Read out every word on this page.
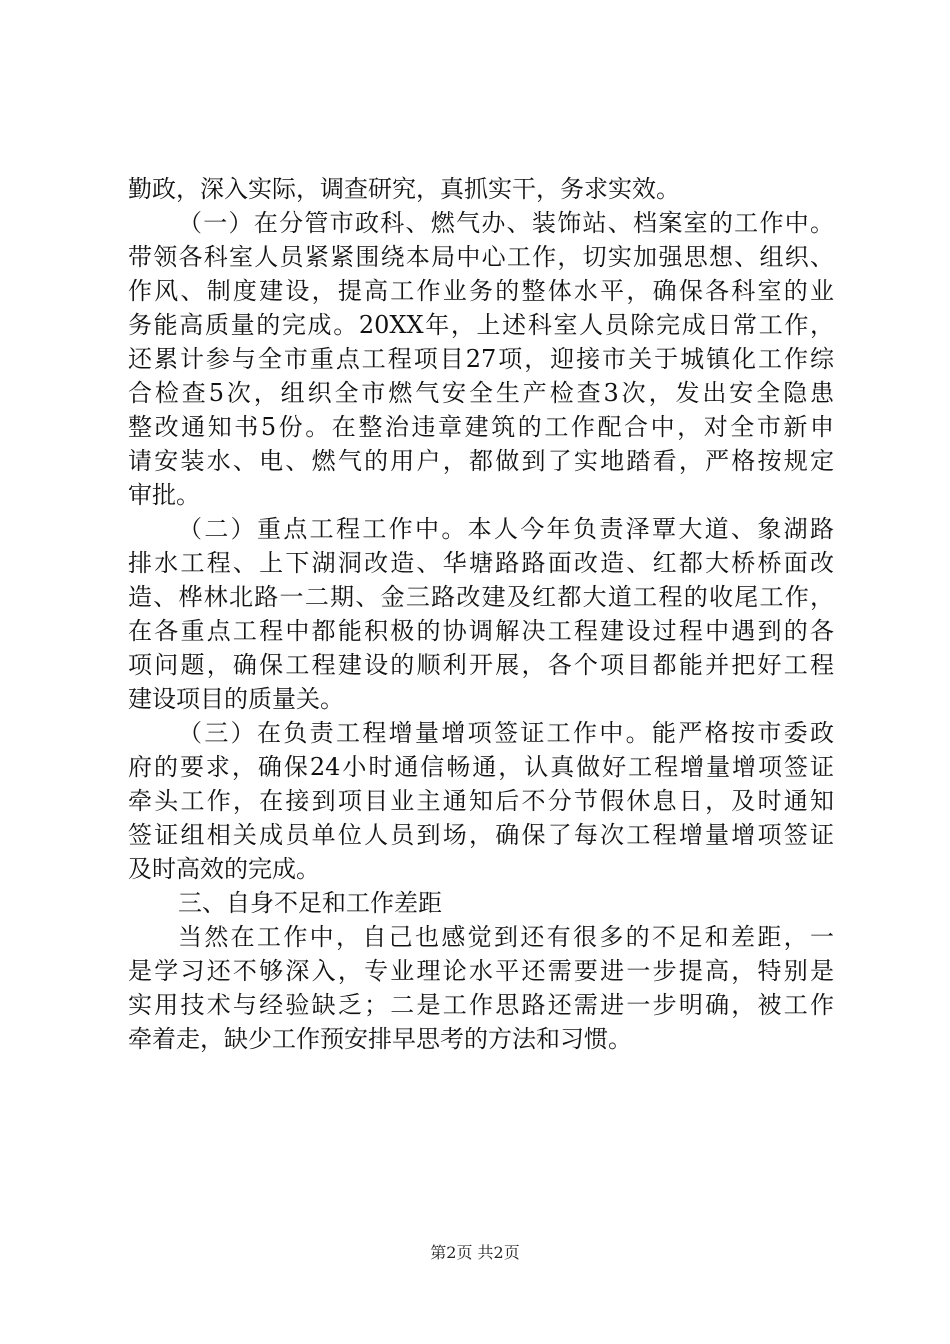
勤政，深入实际，调查研究，真抓实干，务求实效。
（一）在分管市政科、燃气办、装饰站、档案室的工作中。
带领各科室人员紧紧围绕本局中心工作，切实加强思想、组织、
作风、制度建设，提高工作业务的整体水平，确保各科室的业
务能高质量的完成。20XX年，上述科室人员除完成日常工作，
还累计参与全市重点工程项目27项，迎接市关于城镇化工作综
合检查5次，组织全市燃气安全生产检查3次，发出安全隐患
整改通知书5份。在整治违章建筑的工作配合中，对全市新申
请安装水、电、燃气的用户，都做到了实地踏看，严格按规定
审批。
（二）重点工程工作中。本人今年负责泽覃大道、象湖路
排水工程、上下湖洞改造、华塘路路面改造、红都大桥桥面改
造、桦林北路一二期、金三路改建及红都大道工程的收尾工作，
在各重点工程中都能积极的协调解决工程建设过程中遇到的各
项问题，确保工程建设的顺利开展，各个项目都能并把好工程
建设项目的质量关。
（三）在负责工程增量增项签证工作中。能严格按市委政
府的要求，确保24小时通信畅通，认真做好工程增量增项签证
牵头工作，在接到项目业主通知后不分节假休息日，及时通知
签证组相关成员单位人员到场，确保了每次工程增量增项签证
及时高效的完成。
三、自身不足和工作差距
当然在工作中，自己也感觉到还有很多的不足和差距，一
是学习还不够深入，专业理论水平还需要进一步提高，特别是
实用技术与经验缺乏；二是工作思路还需进一步明确，被工作
牵着走，缺少工作预安排早思考的方法和习惯。
第2页 共2页
